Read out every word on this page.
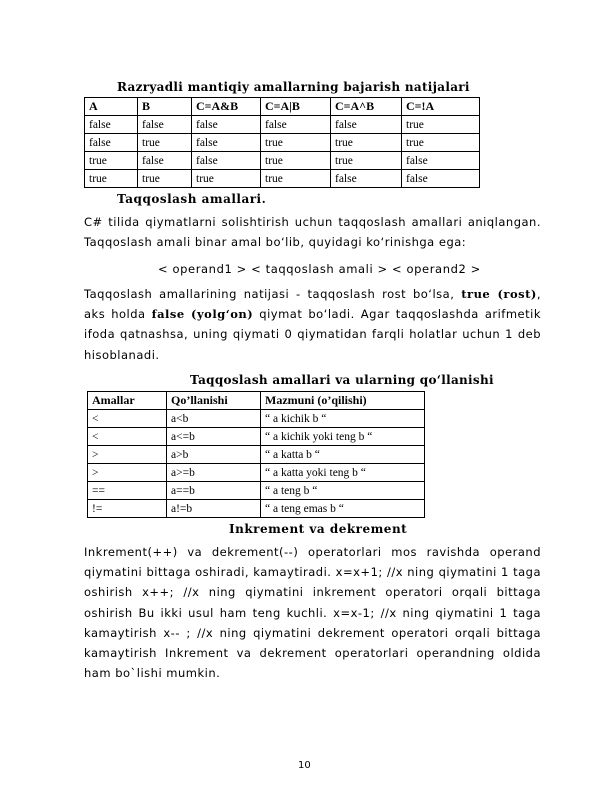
Razryadli mantiqiy amallarning bajarish natijalari
A	B	C=A&B	C=A|B	C=A^B	C=!A
false	false	false	false	false	true
false	true	false	true	true	true
true	false	false	true	true	false
true	true	true	true	false	false
Taqqoslash amallari.
C# tilida qiymatlarni solishtirish uchun taqqoslash amallari aniqlangan. Taqqoslash amali binar amal bo‘lib, quyidagi ko‘rinishga ega:
< operand1 > < taqqoslash amali > < operand2 >
Taqqoslash amallarining natijasi - taqqoslash rost bo‘lsa, true (rost), aks holda false (yolg‘on) qiymat bo‘ladi. Agar taqqoslashda arifmetik ifoda qatnashsa, uning qiymati 0 qiymatidan farqli holatlar uchun 1 deb hisoblanadi.
Taqqoslash amallari va ularning qo‘llanishi
Amallar	Qo’llanishi	Mazmuni (o’qilishi)
<	a<b	“ a kichik b “
<	a<=b	“ a kichik yoki teng b “
>	a>b	“ a katta b “
>	a>=b	“ a katta yoki teng b “
==	a==b	“ a teng b “
!=	a!=b	“ a teng emas b “
Inkrement va dekrement
Inkrement(++) va dekrement(--) operatorlari mos ravishda operand qiymatini bittaga oshiradi, kamaytiradi. x=x+1; //x ning qiymatini 1 taga oshirish x++; //x ning qiymatini inkrement operatori orqali bittaga oshirish Bu ikki usul ham teng kuchli. x=x-1; //x ning qiymatini 1 taga kamaytirish x-- ; //x ning qiymatini dekrement operatori orqali bittaga kamaytirish Inkrement va dekrement operatorlari operandning oldida ham bo`lishi mumkin.
10
